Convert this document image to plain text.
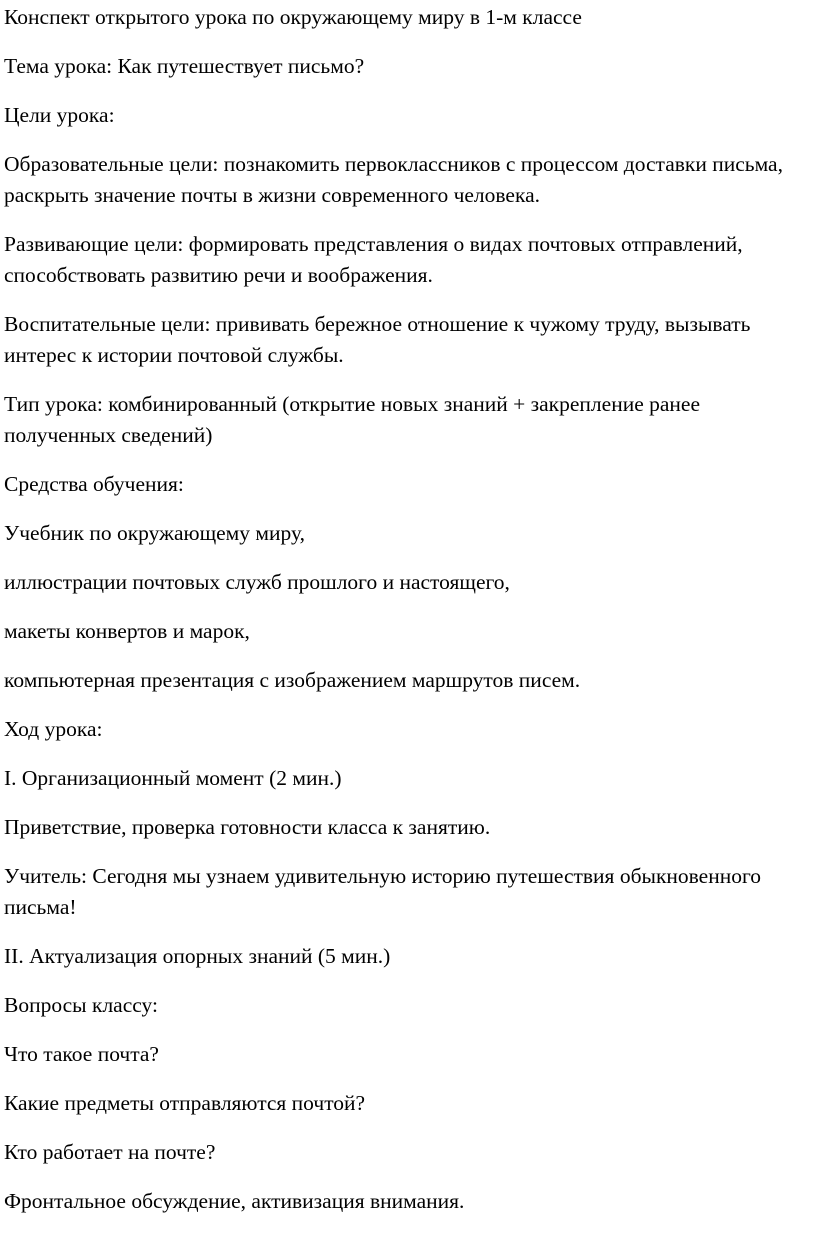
Конспект открытого урока по окружающему миру в 1-м классе

Тема урока: Как путешествует письмо?

Цели урока:

Образовательные цели: познакомить первоклассников с процессом доставки письма, раскрыть значение почты в жизни современного человека.

Развивающие цели: формировать представления о видах почтовых отправлений, способствовать развитию речи и воображения.

Воспитательные цели: прививать бережное отношение к чужому труду, вызывать интерес к истории почтовой службы.

Тип урока: комбинированный (открытие новых знаний + закрепление ранее полученных сведений)

Средства обучения:

Учебник по окружающему миру,

иллюстрации почтовых служб прошлого и настоящего,

макеты конвертов и марок,

компьютерная презентация с изображением маршрутов писем.

Ход урока:

I. Организационный момент (2 мин.)

Приветствие, проверка готовности класса к занятию.

Учитель: Сегодня мы узнаем удивительную историю путешествия обыкновенного письма!

II. Актуализация опорных знаний (5 мин.)

Вопросы классу:

Что такое почта?

Какие предметы отправляются почтой?

Кто работает на почте?

Фронтальное обсуждение, активизация внимания.
